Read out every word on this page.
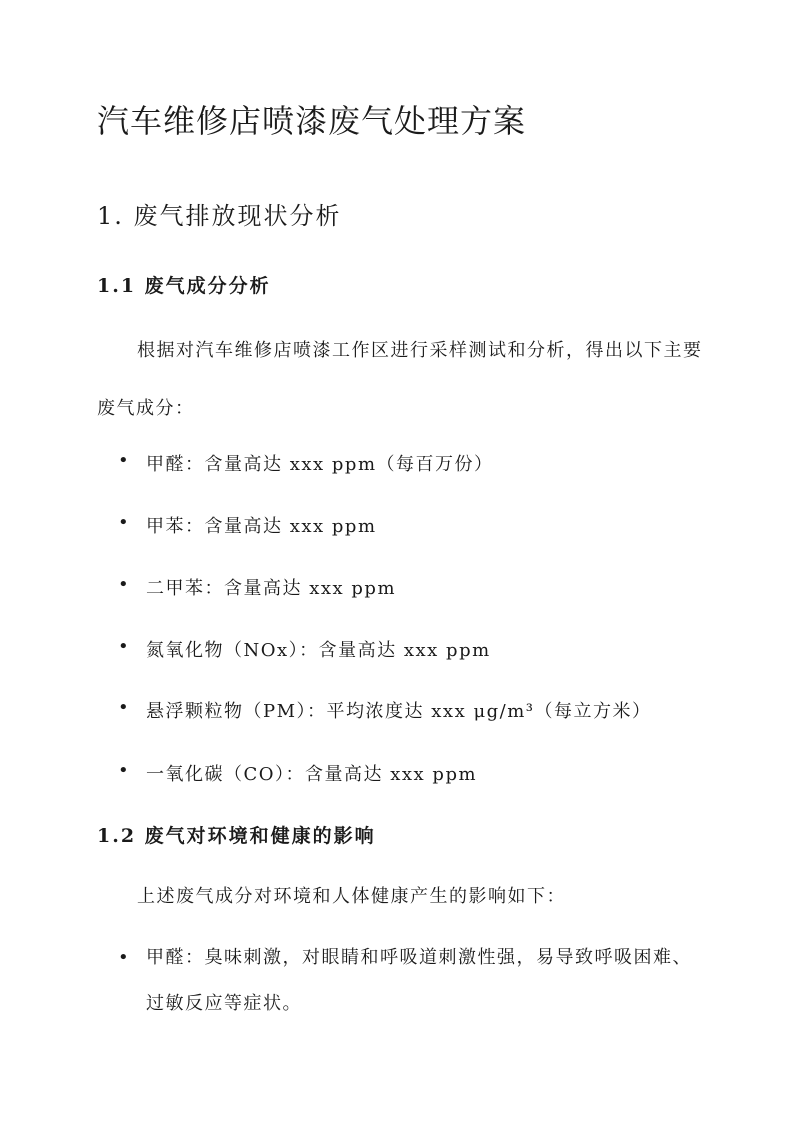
汽车维修店喷漆废气处理方案
1. 废气排放现状分析
1.1 废气成分分析
根据对汽车维修店喷漆工作区进行采样测试和分析，得出以下主要废气成分：
• 甲醛：含量高达 xxx ppm（每百万份）
• 甲苯：含量高达 xxx ppm
• 二甲苯：含量高达 xxx ppm
• 氮氧化物（NOx）：含量高达 xxx ppm
• 悬浮颗粒物（PM）：平均浓度达 xxx μg/m³（每立方米）
• 一氧化碳（CO）：含量高达 xxx ppm
1.2 废气对环境和健康的影响
上述废气成分对环境和人体健康产生的影响如下：
• 甲醛：臭味刺激，对眼睛和呼吸道刺激性强，易导致呼吸困难、过敏反应等症状。
